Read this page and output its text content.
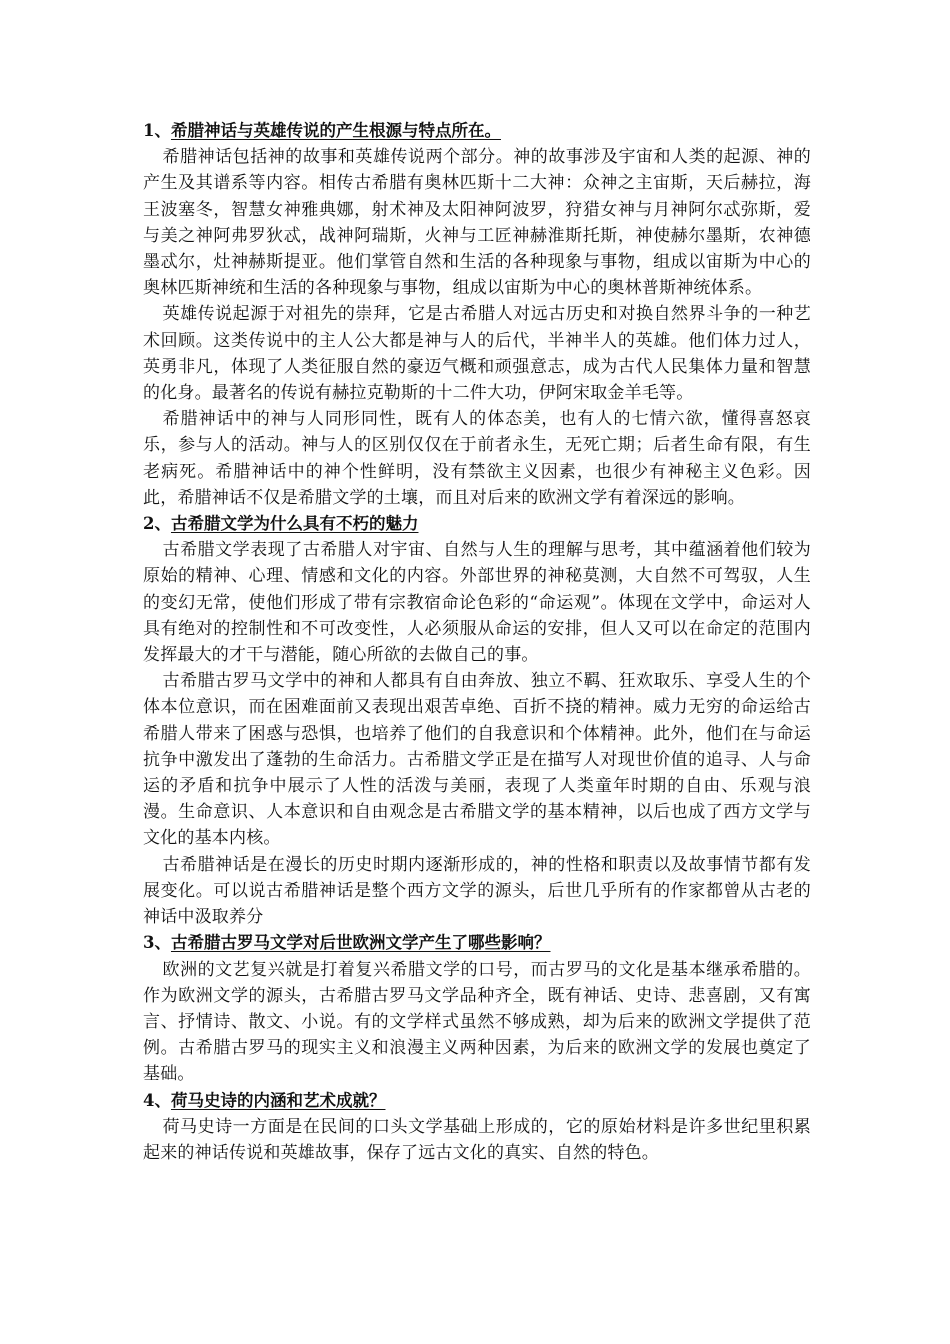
1、希腊神话与英雄传说的产生根源与特点所在。

希腊神话包括神的故事和英雄传说两个部分。神的故事涉及宇宙和人类的起源、神的产生及其谱系等内容。相传古希腊有奥林匹斯十二大神：众神之主宙斯，天后赫拉，海王波塞冬，智慧女神雅典娜，射术神及太阳神阿波罗，狩猎女神与月神阿尔忒弥斯，爱与美之神阿弗罗狄忒，战神阿瑞斯，火神与工匠神赫淮斯托斯，神使赫尔墨斯，农神德墨忒尔，灶神赫斯提亚。他们掌管自然和生活的各种现象与事物，组成以宙斯为中心的奥林匹斯神统和生活的各种现象与事物，组成以宙斯为中心的奥林普斯神统体系。

英雄传说起源于对祖先的崇拜，它是古希腊人对远古历史和对换自然界斗争的一种艺术回顾。这类传说中的主人公大都是神与人的后代，半神半人的英雄。他们体力过人，英勇非凡，体现了人类征服自然的豪迈气概和顽强意志，成为古代人民集体力量和智慧的化身。最著名的传说有赫拉克勒斯的十二件大功，伊阿宋取金羊毛等。

希腊神话中的神与人同形同性，既有人的体态美，也有人的七情六欲，懂得喜怒哀乐，参与人的活动。神与人的区别仅仅在于前者永生，无死亡期；后者生命有限，有生老病死。希腊神话中的神个性鲜明，没有禁欲主义因素，也很少有神秘主义色彩。因此，希腊神话不仅是希腊文学的土壤，而且对后来的欧洲文学有着深远的影响。

2、古希腊文学为什么具有不朽的魅力

古希腊文学表现了古希腊人对宇宙、自然与人生的理解与思考，其中蕴涵着他们较为原始的精神、心理、情感和文化的内容。外部世界的神秘莫测，大自然不可驾驭，人生的变幻无常，使他们形成了带有宗教宿命论色彩的“命运观”。体现在文学中，命运对人具有绝对的控制性和不可改变性，人必须服从命运的安排，但人又可以在命定的范围内发挥最大的才干与潜能，随心所欲的去做自己的事。

古希腊古罗马文学中的神和人都具有自由奔放、独立不羁、狂欢取乐、享受人生的个体本位意识，而在困难面前又表现出艰苦卓绝、百折不挠的精神。威力无穷的命运给古希腊人带来了困惑与恐惧，也培养了他们的自我意识和个体精神。此外，他们在与命运抗争中激发出了蓬勃的生命活力。古希腊文学正是在描写人对现世价值的追寻、人与命运的矛盾和抗争中展示了人性的活泼与美丽，表现了人类童年时期的自由、乐观与浪漫。生命意识、人本意识和自由观念是古希腊文学的基本精神，以后也成了西方文学与文化的基本内核。

古希腊神话是在漫长的历史时期内逐渐形成的，神的性格和职责以及故事情节都有发展变化。可以说古希腊神话是整个西方文学的源头，后世几乎所有的作家都曾从古老的神话中汲取养分

3、古希腊古罗马文学对后世欧洲文学产生了哪些影响？

欧洲的文艺复兴就是打着复兴希腊文学的口号，而古罗马的文化是基本继承希腊的。作为欧洲文学的源头，古希腊古罗马文学品种齐全，既有神话、史诗、悲喜剧，又有寓言、抒情诗、散文、小说。有的文学样式虽然不够成熟，却为后来的欧洲文学提供了范例。古希腊古罗马的现实主义和浪漫主义两种因素，为后来的欧洲文学的发展也奠定了基础。

4、荷马史诗的内涵和艺术成就？

荷马史诗一方面是在民间的口头文学基础上形成的，它的原始材料是许多世纪里积累起来的神话传说和英雄故事，保存了远古文化的真实、自然的特色。
